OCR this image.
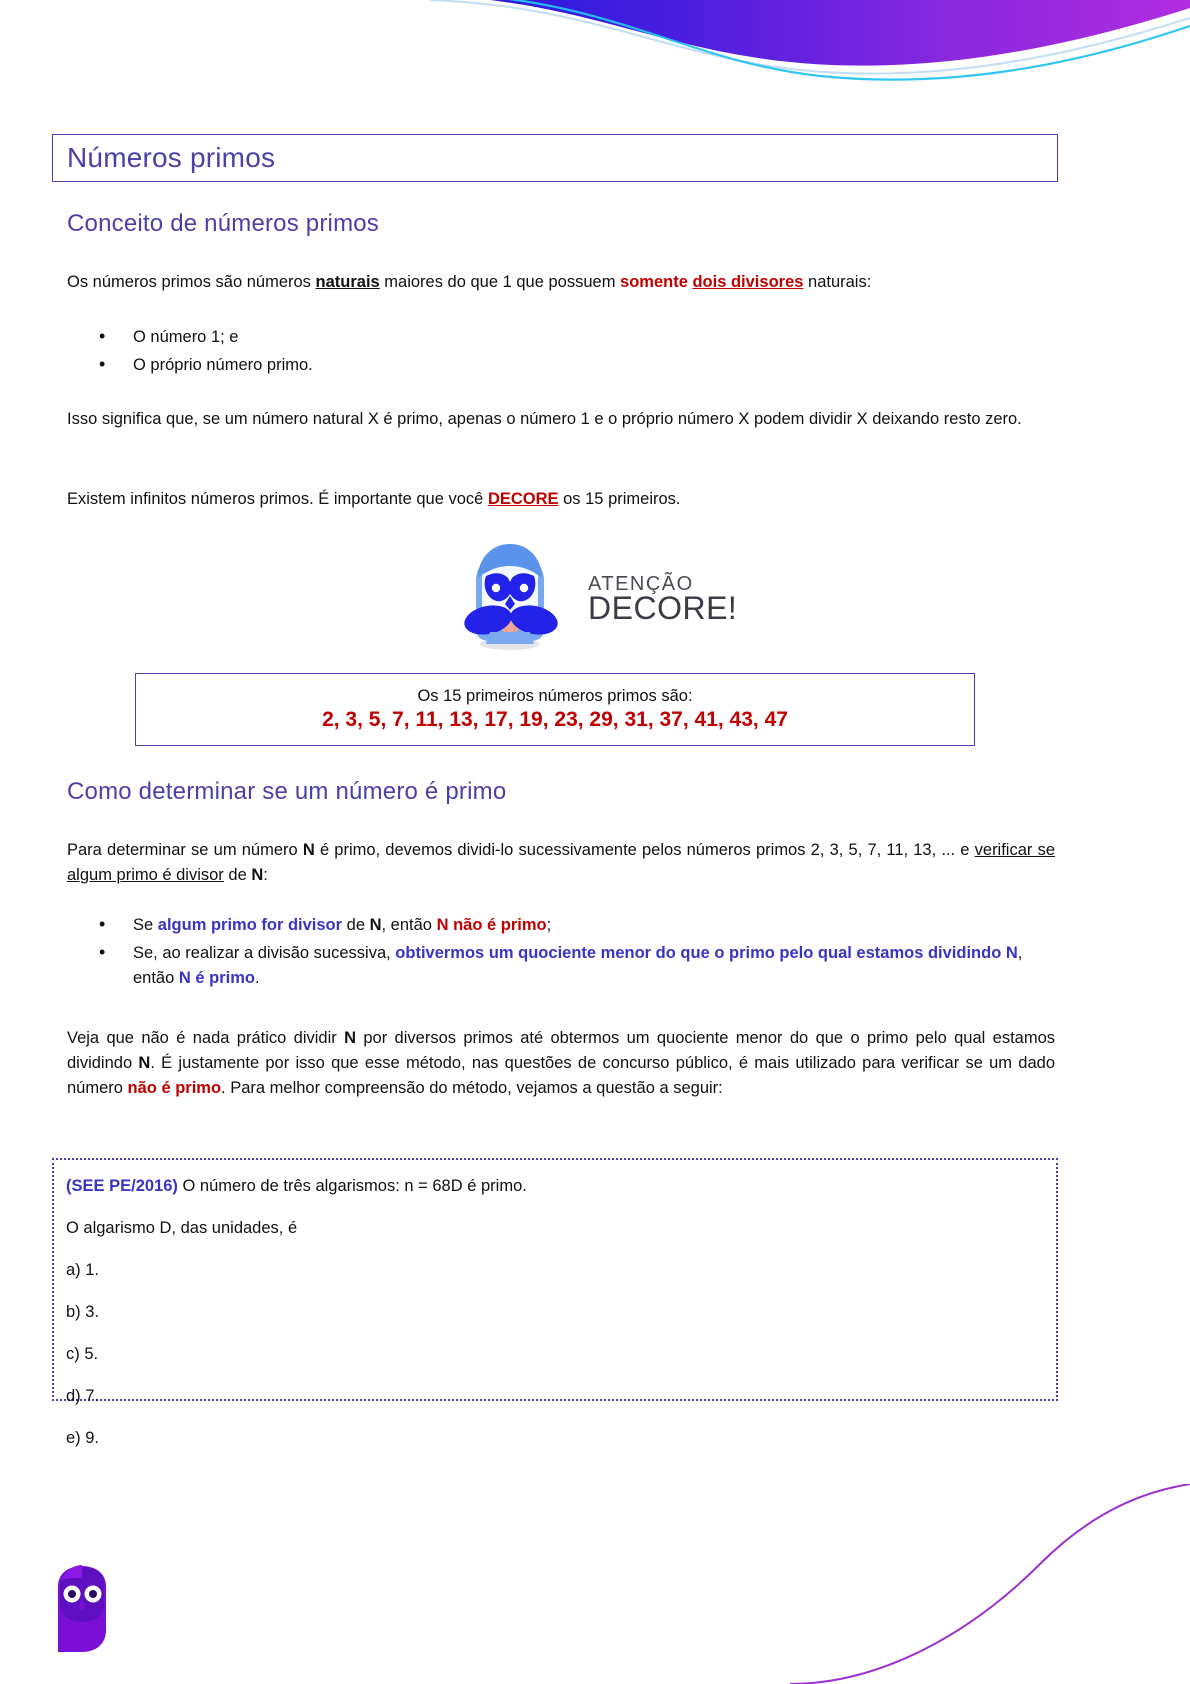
Números primos
Conceito de números primos
Os números primos são números naturais maiores do que 1 que possuem somente dois divisores naturais:
• O número 1; e
• O próprio número primo.
Isso significa que, se um número natural X é primo, apenas o número 1 e o próprio número X podem dividir X deixando resto zero.
Existem infinitos números primos. É importante que você DECORE os 15 primeiros.
ATENÇÃO
DECORE!
Os 15 primeiros números primos são:
2, 3, 5, 7, 11, 13, 17, 19, 23, 29, 31, 37, 41, 43, 47
Como determinar se um número é primo
Para determinar se um número N é primo, devemos dividi-lo sucessivamente pelos números primos 2, 3, 5, 7, 11, 13, ... e verificar se algum primo é divisor de N:
• Se algum primo for divisor de N, então N não é primo;
• Se, ao realizar a divisão sucessiva, obtivermos um quociente menor do que o primo pelo qual estamos dividindo N, então N é primo.
Veja que não é nada prático dividir N por diversos primos até obtermos um quociente menor do que o primo pelo qual estamos dividindo N. É justamente por isso que esse método, nas questões de concurso público, é mais utilizado para verificar se um dado número não é primo. Para melhor compreensão do método, vejamos a questão a seguir:
(SEE PE/2016) O número de três algarismos: n = 68D é primo.
O algarismo D, das unidades, é
a) 1.
b) 3.
c) 5.
d) 7.
e) 9.
